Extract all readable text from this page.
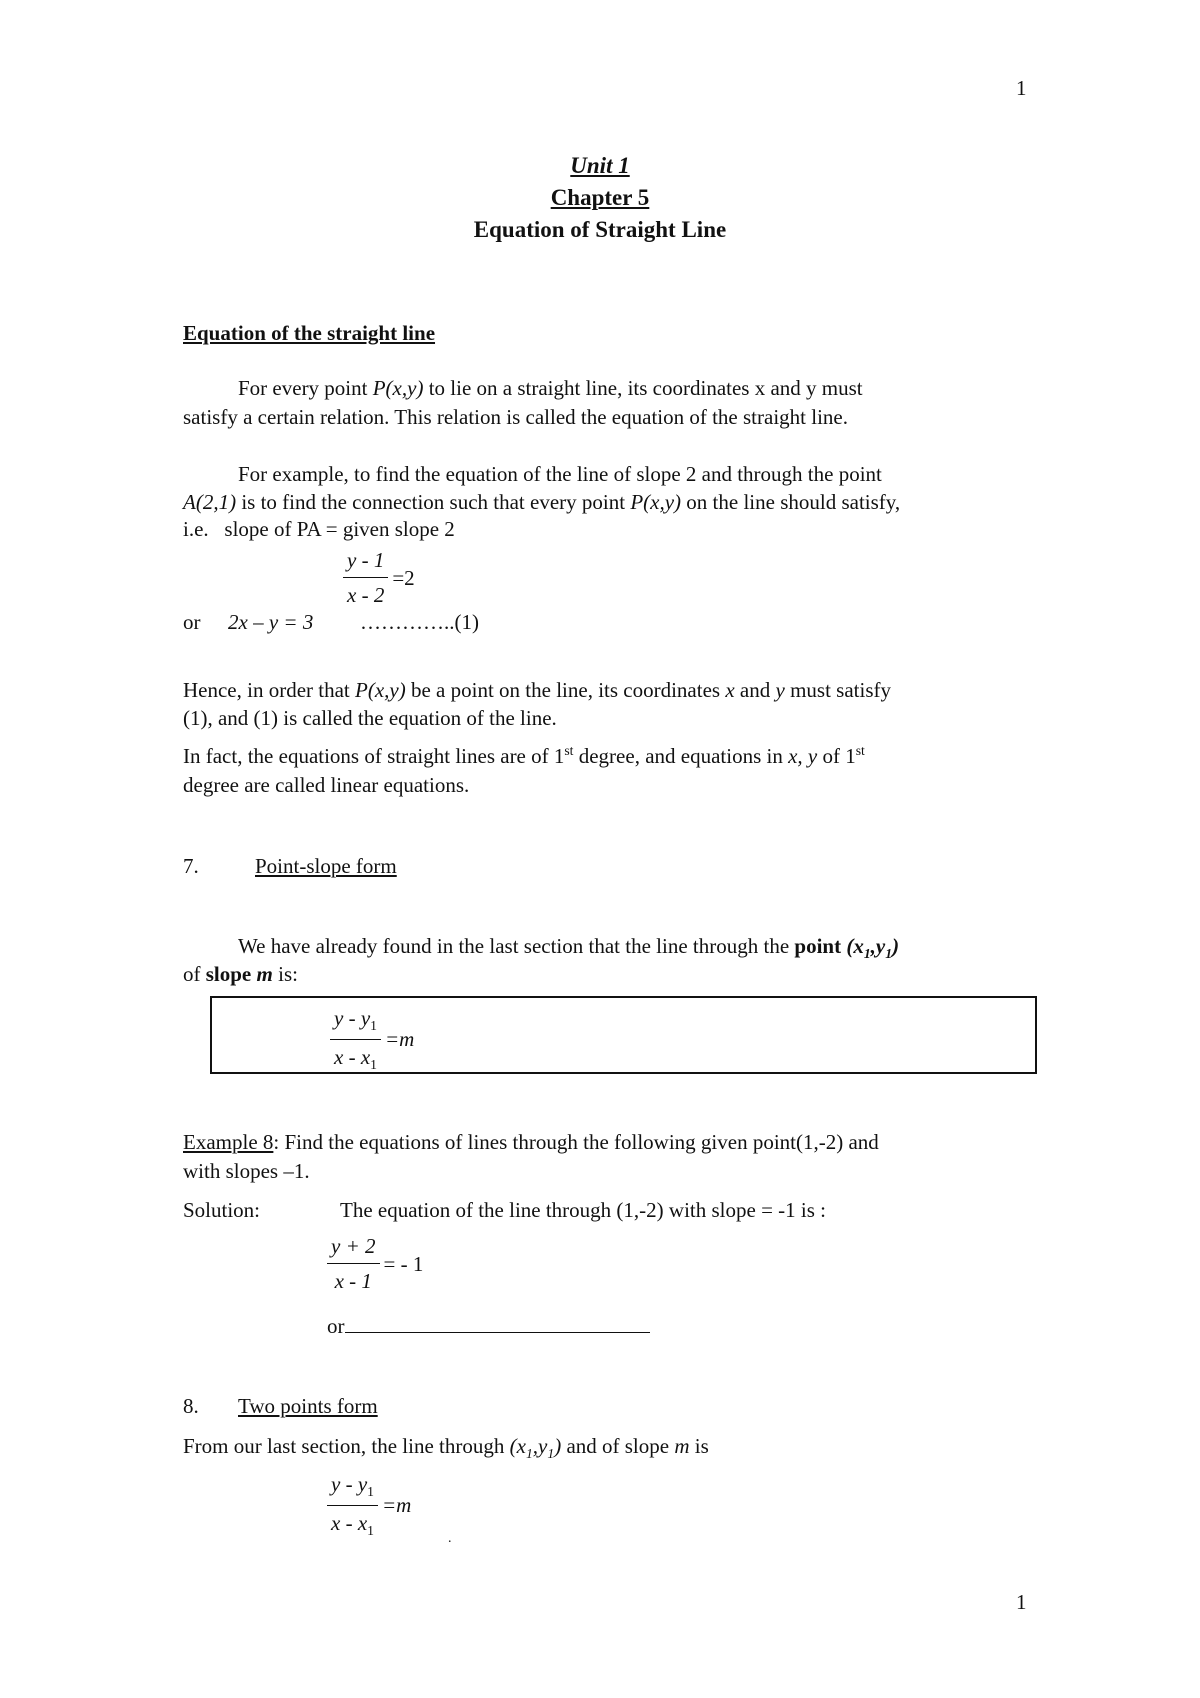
1
1
Unit 1
Chapter 5
Equation of Straight Line
Equation of the straight line
For every point P(x,y) to lie on a straight line, its coordinates x and y must
satisfy a certain relation. This relation is called the equation of the straight line.
For example, to find the equation of the line of slope 2 and through the point
A(2,1) is to find the connection such that every point P(x,y) on the line should satisfy,
i.e.   slope of PA = given slope 2
$\frac{y - 1}{x - 2} =2$
or 2x – y = 3 …………..(1)
Hence, in order that P(x,y) be a point on the line, its coordinates x and y must satisfy
(1), and (1) is called the equation of the line.
In fact, the equations of straight lines are of 1st degree, and equations in x, y of 1st
degree are called linear equations.
7.	Point-slope form
We have already found in the last section that the line through the point $(x_1,y_1)$
of slope m is:
$\frac{y - y_1}{x - x_1} =m$
Example 8: Find the equations of lines through the following given point(1,-2) and
with slopes –1.
Solution:	The equation of the line through (1,-2) with slope = -1 is :
$\frac{y + 2}{x - 1}$ = - 1
or
8. Two points form
From our last section, the line through $(x_1,y_1)$ and of slope m is
$\frac{y - y_1}{x - x_1} =m$
.
